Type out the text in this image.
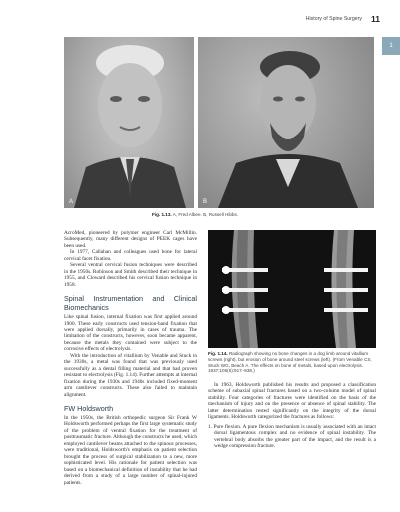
History of Spine Surgery 11
1
A	B
Fig. 1.13. A, Fred Albee. B, Russell Hibbs.

AcroMed, pioneered by polymer engineer Carl McMillin. Subsequently, many different designs of PEEK cages have been used.

In 1977, Callahan and colleagues used bone for lateral cervical facet fixation.

Several ventral cervical fusion techniques were described in the 1950s. Robinson and Smith described their technique in 1955, and Cloward described his cervical fusion technique in 1958.

Spinal Instrumentation and Clinical Biomechanics

Like spinal fusion, internal fixation was first applied around 1900. These early constructs used tension-band fixation that were applied dorsally, primarily in cases of trauma. The limitation of the constructs, however, soon became apparent, because the metals they contained were subject to the corrosive effects of electrolysis.

With the introduction of vitallium by Venable and Stuck in the 1930s, a metal was found that was previously used successfully as a dental filling material and that had proven resistant to electrolysis (Fig. 1.14). Further attempts at internal fixation during the 1930s and 1940s included fixed-moment arm cantilever constructs. These also failed to maintain alignment.

FW Holdsworth

In the 1950s, the British orthopedic surgeon Sir Frank W Holdsworth performed perhaps the first large systematic study of the problem of ventral fixation for the treatment of posttraumatic fracture. Although the constructs he used, which employed cantilever beams attached to the spinous processes, were traditional, Holdsworth's emphasis on patient selection brought the process of surgical stabilization to a new, more sophisticated level. His rationale for patient selection was based on a biomechanical definition of instability that he had derived from a study of a large number of spinal-injured patients.

Fig. 1.14. Radiograph showing no bone changes in a dog limb around vitallium screws (right), but erosion of bone around steel screws (left). (From Venable CS, Stuck WG, Beach A. The effects on bone of metals, based upon electrolysis. 1937;106(6):917–938.)

In 1963, Holdsworth published his results and proposed a classification scheme of subaxial spinal fractures based on a two-column model of spinal stability. Four categories of fractures were identified on the basis of the mechanism of injury and on the presence or absence of spinal stability. The latter determination rested significantly on the integrity of the dorsal ligaments. Holdsworth categorized the fractures as follows:

1. Pure flexion. A pure flexion mechanism is usually associated with an intact dorsal ligamentous complex and no evidence of spinal instability. The vertebral body absorbs the greater part of the impact, and the result is a wedge compression fracture.
